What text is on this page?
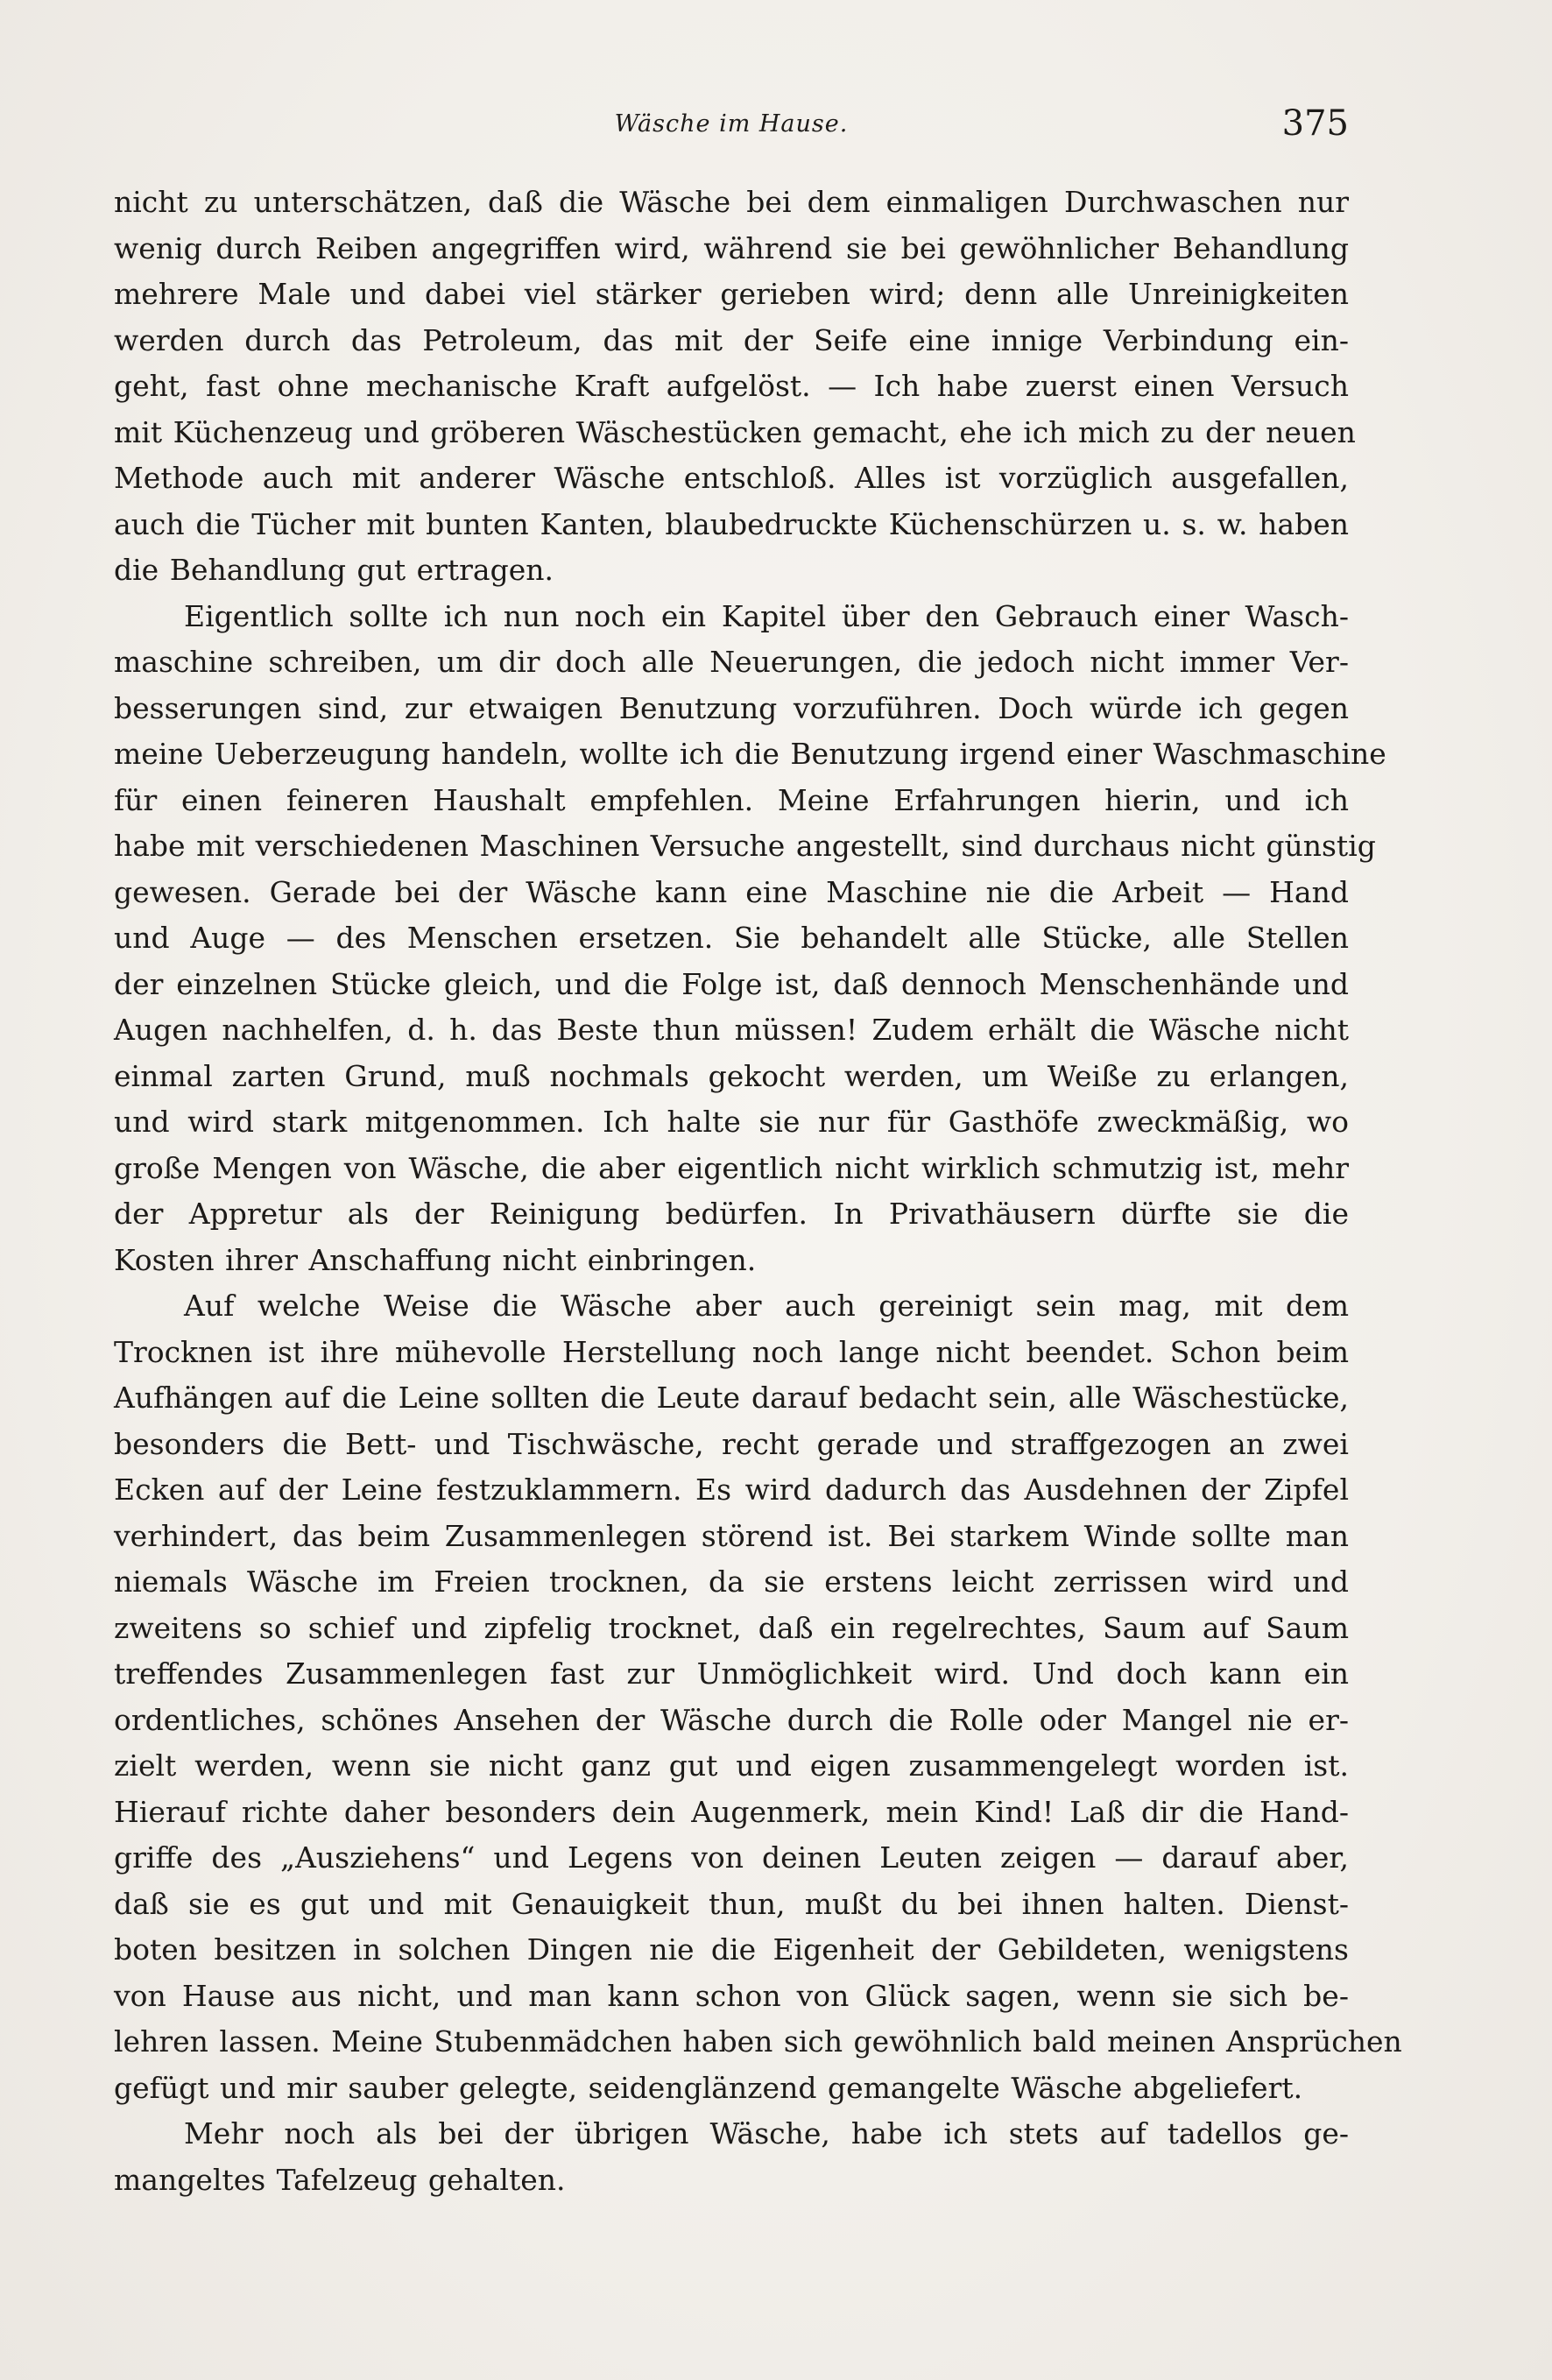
Wäsche im Hause.	375
nicht zu unterschätzen, daß die Wäsche bei dem einmaligen Durchwaschen nur
wenig durch Reiben angegriffen wird, während sie bei gewöhnlicher Behandlung
mehrere Male und dabei viel stärker gerieben wird; denn alle Unreinigkeiten
werden durch das Petroleum, das mit der Seife eine innige Verbindung ein-
geht, fast ohne mechanische Kraft aufgelöst. — Ich habe zuerst einen Versuch
mit Küchenzeug und gröberen Wäschestücken gemacht, ehe ich mich zu der neuen
Methode auch mit anderer Wäsche entschloß. Alles ist vorzüglich ausgefallen,
auch die Tücher mit bunten Kanten, blaubedruckte Küchenschürzen u. s. w. haben
die Behandlung gut ertragen.
Eigentlich sollte ich nun noch ein Kapitel über den Gebrauch einer Wasch-
maschine schreiben, um dir doch alle Neuerungen, die jedoch nicht immer Ver-
besserungen sind, zur etwaigen Benutzung vorzuführen. Doch würde ich gegen
meine Ueberzeugung handeln, wollte ich die Benutzung irgend einer Waschmaschine
für einen feineren Haushalt empfehlen. Meine Erfahrungen hierin, und ich
habe mit verschiedenen Maschinen Versuche angestellt, sind durchaus nicht günstig
gewesen. Gerade bei der Wäsche kann eine Maschine nie die Arbeit — Hand
und Auge — des Menschen ersetzen. Sie behandelt alle Stücke, alle Stellen
der einzelnen Stücke gleich, und die Folge ist, daß dennoch Menschenhände und
Augen nachhelfen, d. h. das Beste thun müssen! Zudem erhält die Wäsche nicht
einmal zarten Grund, muß nochmals gekocht werden, um Weiße zu erlangen,
und wird stark mitgenommen. Ich halte sie nur für Gasthöfe zweckmäßig, wo
große Mengen von Wäsche, die aber eigentlich nicht wirklich schmutzig ist, mehr
der Appretur als der Reinigung bedürfen. In Privathäusern dürfte sie die
Kosten ihrer Anschaffung nicht einbringen.
Auf welche Weise die Wäsche aber auch gereinigt sein mag, mit dem
Trocknen ist ihre mühevolle Herstellung noch lange nicht beendet. Schon beim
Aufhängen auf die Leine sollten die Leute darauf bedacht sein, alle Wäschestücke,
besonders die Bett- und Tischwäsche, recht gerade und straffgezogen an zwei
Ecken auf der Leine festzuklammern. Es wird dadurch das Ausdehnen der Zipfel
verhindert, das beim Zusammenlegen störend ist. Bei starkem Winde sollte man
niemals Wäsche im Freien trocknen, da sie erstens leicht zerrissen wird und
zweitens so schief und zipfelig trocknet, daß ein regelrechtes, Saum auf Saum
treffendes Zusammenlegen fast zur Unmöglichkeit wird. Und doch kann ein
ordentliches, schönes Ansehen der Wäsche durch die Rolle oder Mangel nie er-
zielt werden, wenn sie nicht ganz gut und eigen zusammengelegt worden ist.
Hierauf richte daher besonders dein Augenmerk, mein Kind! Laß dir die Hand-
griffe des „Ausziehens“ und Legens von deinen Leuten zeigen — darauf aber,
daß sie es gut und mit Genauigkeit thun, mußt du bei ihnen halten. Dienst-
boten besitzen in solchen Dingen nie die Eigenheit der Gebildeten, wenigstens
von Hause aus nicht, und man kann schon von Glück sagen, wenn sie sich be-
lehren lassen. Meine Stubenmädchen haben sich gewöhnlich bald meinen Ansprüchen
gefügt und mir sauber gelegte, seidenglänzend gemangelte Wäsche abgeliefert.
Mehr noch als bei der übrigen Wäsche, habe ich stets auf tadellos ge-
mangeltes Tafelzeug gehalten.
